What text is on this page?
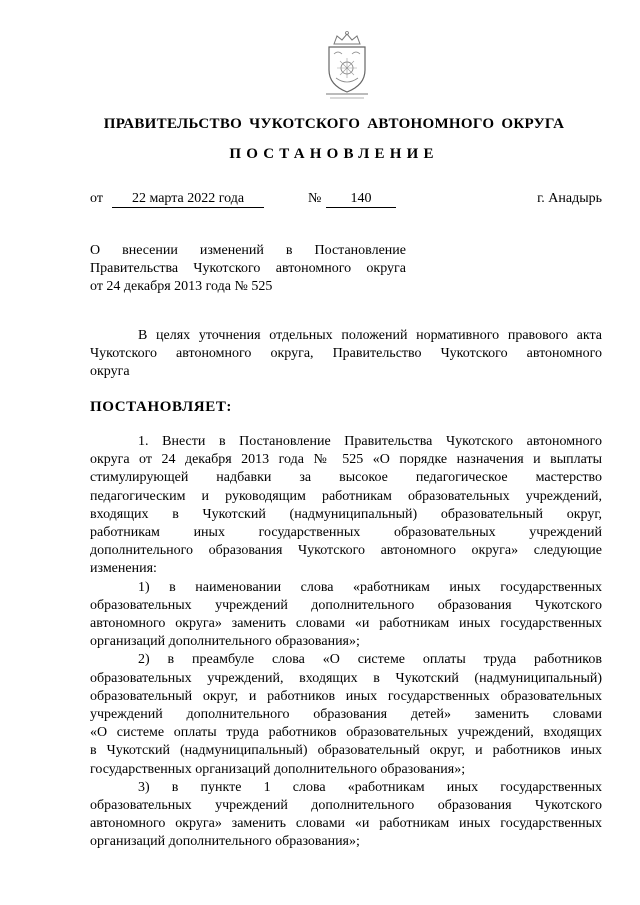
ПРАВИТЕЛЬСТВО ЧУКОТСКОГО АВТОНОМНОГО ОКРУГА
ПОСТАНОВЛЕНИЕ
от	22 марта 2022 года	№	140	г. Анадырь
О внесении изменений в Постановление
Правительства Чукотского автономного округа
от 24 декабря 2013 года № 525
В целях уточнения отдельных положений нормативного правового акта
Чукотского автономного округа, Правительство Чукотского автономного
округа
ПОСТАНОВЛЯЕТ:
1. Внести в Постановление Правительства Чукотского автономного
округа от 24 декабря 2013 года № 525 «О порядке назначения и выплаты
стимулирующей надбавки за высокое педагогическое мастерство
педагогическим и руководящим работникам образовательных учреждений,
входящих в Чукотский (надмуниципальный) образовательный округ,
работникам иных государственных образовательных учреждений
дополнительного образования Чукотского автономного округа» следующие
изменения:
1) в наименовании слова «работникам иных государственных
образовательных учреждений дополнительного образования Чукотского
автономного округа» заменить словами «и работникам иных государственных
организаций дополнительного образования»;
2) в преамбуле слова «О системе оплаты труда работников
образовательных учреждений, входящих в Чукотский (надмуниципальный)
образовательный округ, и работников иных государственных образовательных
учреждений дополнительного образования детей» заменить словами
«О системе оплаты труда работников образовательных учреждений, входящих
в Чукотский (надмуниципальный) образовательный округ, и работников иных
государственных организаций дополнительного образования»;
3) в пункте 1 слова «работникам иных государственных
образовательных учреждений дополнительного образования Чукотского
автономного округа» заменить словами «и работникам иных государственных
организаций дополнительного образования»;
